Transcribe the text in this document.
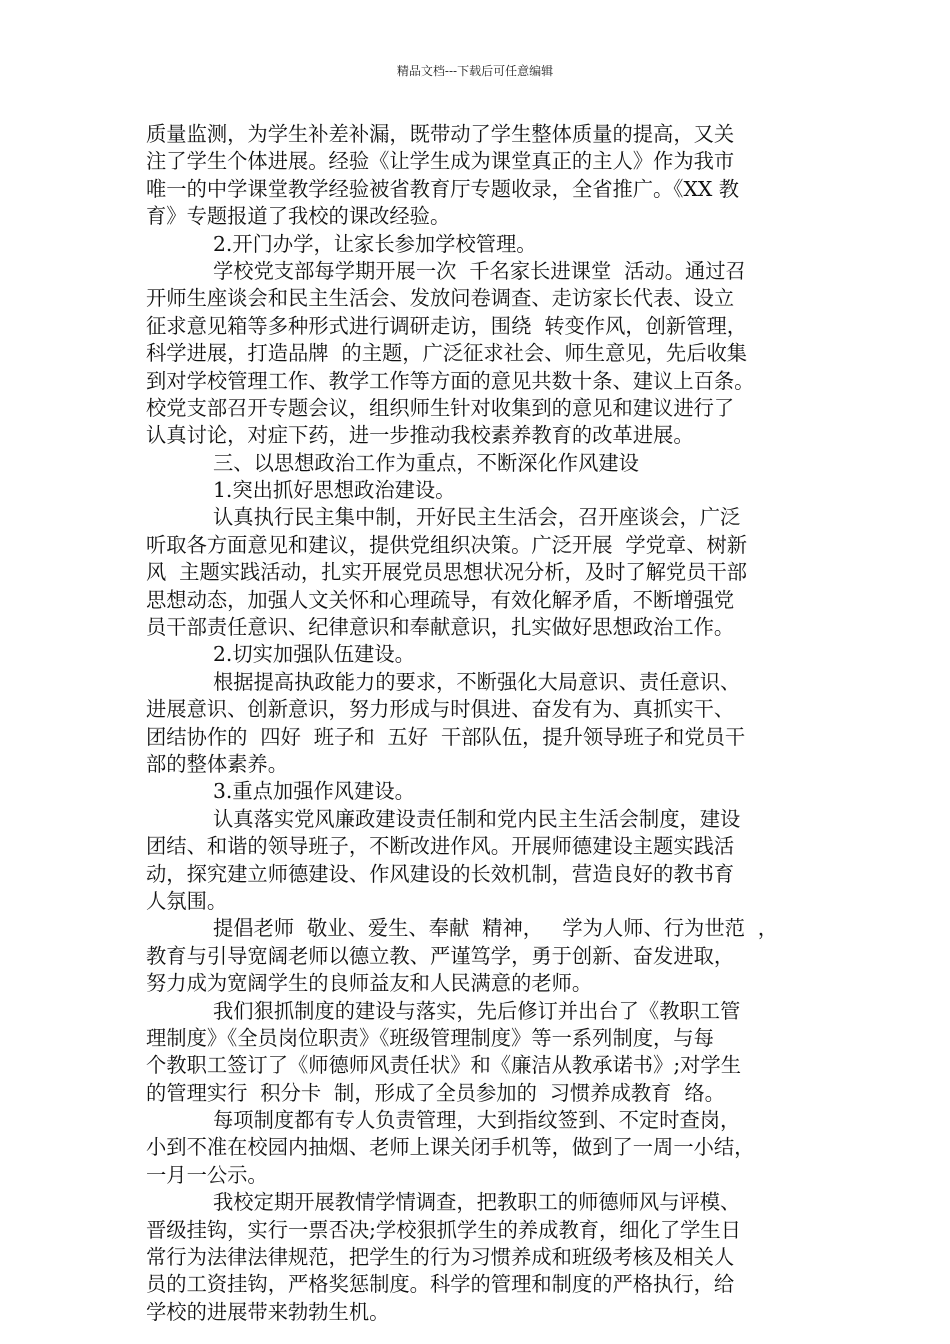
精品文档---下载后可任意编辑
质量监测，为学生补差补漏，既带动了学生整体质量的提高，又关
注了学生个体进展。经验《让学生成为课堂真正的主人》作为我市
唯一的中学课堂教学经验被省教育厅专题收录，全省推广。《XX 教
育》专题报道了我校的课改经验。
2.开门办学，让家长参加学校管理。
学校党支部每学期开展一次  千名家长进课堂  活动。通过召
开师生座谈会和民主生活会、发放问卷调查、走访家长代表、设立
征求意见箱等多种形式进行调研走访，围绕  转变作风，创新管理，
科学进展，打造品牌  的主题，广泛征求社会、师生意见，先后收集
到对学校管理工作、教学工作等方面的意见共数十条、建议上百条。
校党支部召开专题会议，组织师生针对收集到的意见和建议进行了
认真讨论，对症下药，进一步推动我校素养教育的改革进展。
三、以思想政治工作为重点，不断深化作风建设
1.突出抓好思想政治建设。
认真执行民主集中制，开好民主生活会，召开座谈会，广泛
听取各方面意见和建议，提供党组织决策。广泛开展  学党章、树新
风  主题实践活动，扎实开展党员思想状况分析，及时了解党员干部
思想动态，加强人文关怀和心理疏导，有效化解矛盾，不断增强党
员干部责任意识、纪律意识和奉献意识，扎实做好思想政治工作。
2.切实加强队伍建设。
根据提高执政能力的要求，不断强化大局意识、责任意识、
进展意识、创新意识，努力形成与时俱进、奋发有为、真抓实干、
团结协作的  四好  班子和  五好  干部队伍，提升领导班子和党员干
部的整体素养。
3.重点加强作风建设。
认真落实党风廉政建设责任制和党内民主生活会制度，建设
团结、和谐的领导班子，不断改进作风。开展师德建设主题实践活
动，探究建立师德建设、作风建设的长效机制，营造良好的教书育
人氛围。
提倡老师  敬业、爱生、奉献  精神，   学为人师、行为世范  ，
教育与引导宽阔老师以德立教、严谨笃学，勇于创新、奋发进取，
努力成为宽阔学生的良师益友和人民满意的老师。
我们狠抓制度的建设与落实，先后修订并出台了《教职工管
理制度》《全员岗位职责》《班级管理制度》等一系列制度，与每
个教职工签订了《师德师风责任状》和《廉洁从教承诺书》;对学生
的管理实行  积分卡  制，形成了全员参加的  习惯养成教育  络。
每项制度都有专人负责管理，大到指纹签到、不定时查岗，
小到不准在校园内抽烟、老师上课关闭手机等，做到了一周一小结，
一月一公示。
我校定期开展教情学情调查，把教职工的师德师风与评模、
晋级挂钩，实行一票否决;学校狠抓学生的养成教育，细化了学生日
常行为法律法律规范，把学生的行为习惯养成和班级考核及相关人
员的工资挂钩，严格奖惩制度。科学的管理和制度的严格执行，给
学校的进展带来勃勃生机。
